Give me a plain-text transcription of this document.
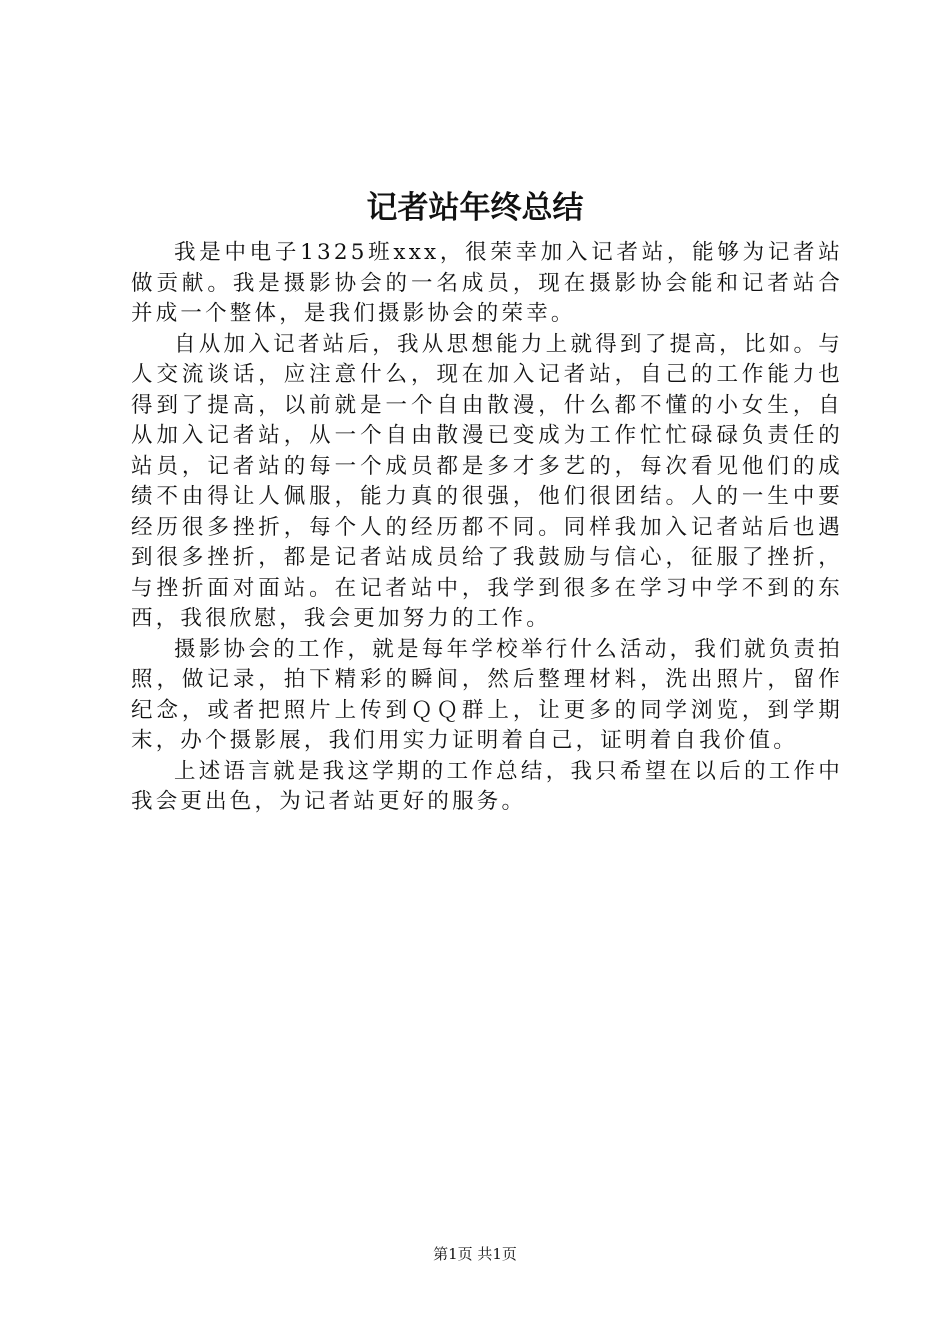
记者站年终总结

我是中电子1325班xxx，很荣幸加入记者站，能够为记者站做贡献。我是摄影协会的一名成员，现在摄影协会能和记者站合并成一个整体，是我们摄影协会的荣幸。

自从加入记者站后，我从思想能力上就得到了提高，比如。与人交流谈话，应注意什么，现在加入记者站，自己的工作能力也得到了提高，以前就是一个自由散漫，什么都不懂的小女生，自从加入记者站，从一个自由散漫已变成为工作忙忙碌碌负责任的站员，记者站的每一个成员都是多才多艺的，每次看见他们的成绩不由得让人佩服，能力真的很强，他们很团结。人的一生中要经历很多挫折，每个人的经历都不同。同样我加入记者站后也遇到很多挫折，都是记者站成员给了我鼓励与信心，征服了挫折，与挫折面对面站。在记者站中，我学到很多在学习中学不到的东西，我很欣慰，我会更加努力的工作。

摄影协会的工作，就是每年学校举行什么活动，我们就负责拍照，做记录，拍下精彩的瞬间，然后整理材料，洗出照片，留作纪念，或者把照片上传到ＱＱ群上，让更多的同学浏览，到学期末，办个摄影展，我们用实力证明着自己，证明着自我价值。

上述语言就是我这学期的工作总结，我只希望在以后的工作中我会更出色，为记者站更好的服务。

第1页 共1页
